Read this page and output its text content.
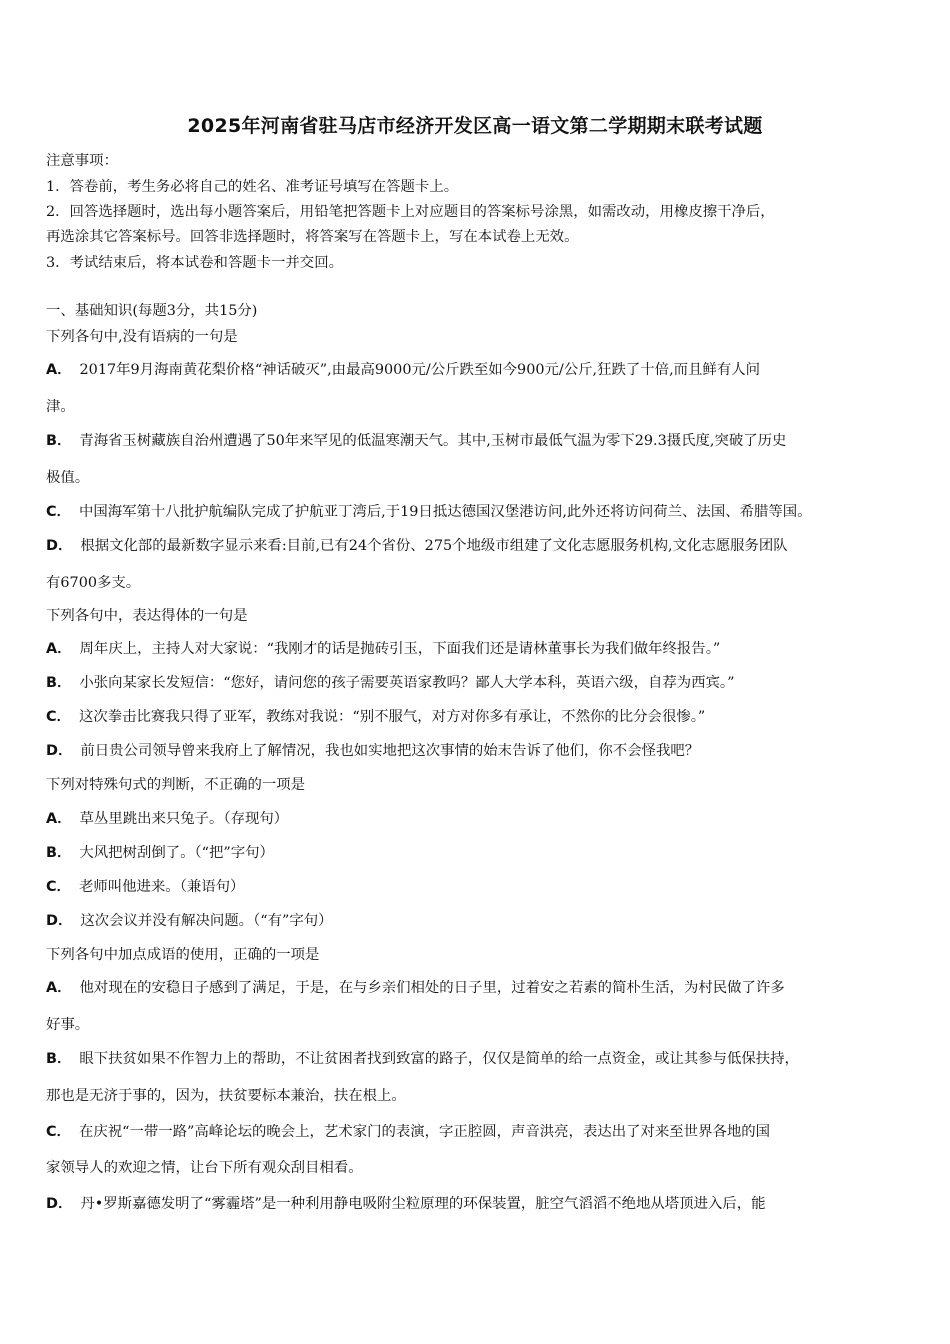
2025年河南省驻马店市经济开发区高一语文第二学期期末联考试题
注意事项：
1．答卷前，考生务必将自己的姓名、准考证号填写在答题卡上。
2．回答选择题时，选出每小题答案后，用铅笔把答题卡上对应题目的答案标号涂黑，如需改动，用橡皮擦干净后，
再选涂其它答案标号。回答非选择题时，将答案写在答题卡上，写在本试卷上无效。
3．考试结束后，将本试卷和答题卡一并交回。
一、基础知识(每题3分，共15分)
下列各句中,没有语病的一句是
A． 2017年9月海南黄花梨价格“神话破灭”,由最高9000元/公斤跌至如今900元/公斤,狂跌了十倍,而且鲜有人问
津。
B． 青海省玉树藏族自治州遭遇了50年来罕见的低温寒潮天气。其中,玉树市最低气温为零下29.3摄氏度,突破了历史
极值。
C． 中国海军第十八批护航编队完成了护航亚丁湾后,于19日抵达德国汉堡港访问,此外还将访问荷兰、法国、希腊等国。
D． 根据文化部的最新数字显示来看:目前,已有24个省份、275个地级市组建了文化志愿服务机构,文化志愿服务团队
有6700多支。
下列各句中，表达得体的一句是
A． 周年庆上，主持人对大家说：“我刚才的话是抛砖引玉，下面我们还是请林董事长为我们做年终报告。”
B． 小张向某家长发短信：“您好，请问您的孩子需要英语家教吗？鄙人大学本科，英语六级，自荐为西宾。”
C． 这次拳击比赛我只得了亚军，教练对我说：“别不服气，对方对你多有承让，不然你的比分会很惨。”
D． 前日贵公司领导曾来我府上了解情况，我也如实地把这次事情的始末告诉了他们，你不会怪我吧？
下列对特殊句式的判断，不正确的一项是
A． 草丛里跳出来只兔子。（存现句）
B． 大风把树刮倒了。（“把”字句）
C． 老师叫他进来。（兼语句）
D． 这次会议并没有解决问题。（“有”字句）
下列各句中加点成语的使用，正确的一项是
A． 他对现在的安稳日子感到了满足，于是，在与乡亲们相处的日子里，过着安之若素的简朴生活，为村民做了许多
好事。
B． 眼下扶贫如果不作智力上的帮助，不让贫困者找到致富的路子，仅仅是简单的给一点资金，或让其参与低保扶持，
那也是无济于事的，因为，扶贫要标本兼治，扶在根上。
C． 在庆祝“一带一路”高峰论坛的晚会上，艺术家门的表演，字正腔圆，声音洪亮，表达出了对来至世界各地的国
家领导人的欢迎之情，让台下所有观众刮目相看。
D． 丹•罗斯嘉德发明了“雾霾塔”是一种利用静电吸附尘粒原理的环保装置，脏空气滔滔不绝地从塔顶进入后，能
